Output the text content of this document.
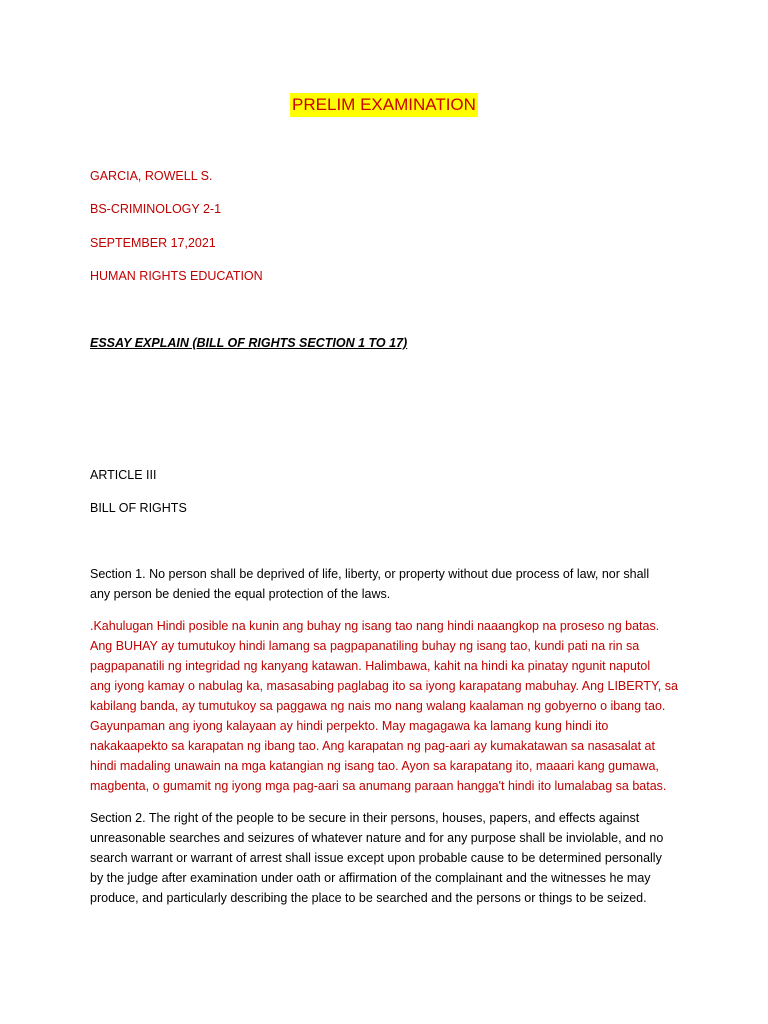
PRELIM EXAMINATION
GARCIA, ROWELL S.
BS-CRIMINOLOGY 2-1
SEPTEMBER 17,2021
HUMAN RIGHTS EDUCATION
ESSAY EXPLAIN (BILL OF RIGHTS SECTION 1 TO 17)
ARTICLE III
BILL OF RIGHTS
Section 1. No person shall be deprived of life, liberty, or property without due process of law, nor shall
any person be denied the equal protection of the laws.
.Kahulugan Hindi posible na kunin ang buhay ng isang tao nang hindi naaangkop na proseso ng batas.
Ang BUHAY ay tumutukoy hindi lamang sa pagpapanatiling buhay ng isang tao, kundi pati na rin sa
pagpapanatili ng integridad ng kanyang katawan. Halimbawa, kahit na hindi ka pinatay ngunit naputol
ang iyong kamay o nabulag ka, masasabing paglabag ito sa iyong karapatang mabuhay. Ang LIBERTY, sa
kabilang banda, ay tumutukoy sa paggawa ng nais mo nang walang kaalaman ng gobyerno o ibang tao.
Gayunpaman ang iyong kalayaan ay hindi perpekto. May magagawa ka lamang kung hindi ito
nakakaapekto sa karapatan ng ibang tao. Ang karapatan ng pag-aari ay kumakatawan sa nasasalat at
hindi madaling unawain na mga katangian ng isang tao. Ayon sa karapatang ito, maaari kang gumawa,
magbenta, o gumamit ng iyong mga pag-aari sa anumang paraan hangga't hindi ito lumalabag sa batas.
Section 2. The right of the people to be secure in their persons, houses, papers, and effects against
unreasonable searches and seizures of whatever nature and for any purpose shall be inviolable, and no
search warrant or warrant of arrest shall issue except upon probable cause to be determined personally
by the judge after examination under oath or affirmation of the complainant and the witnesses he may
produce, and particularly describing the place to be searched and the persons or things to be seized.
